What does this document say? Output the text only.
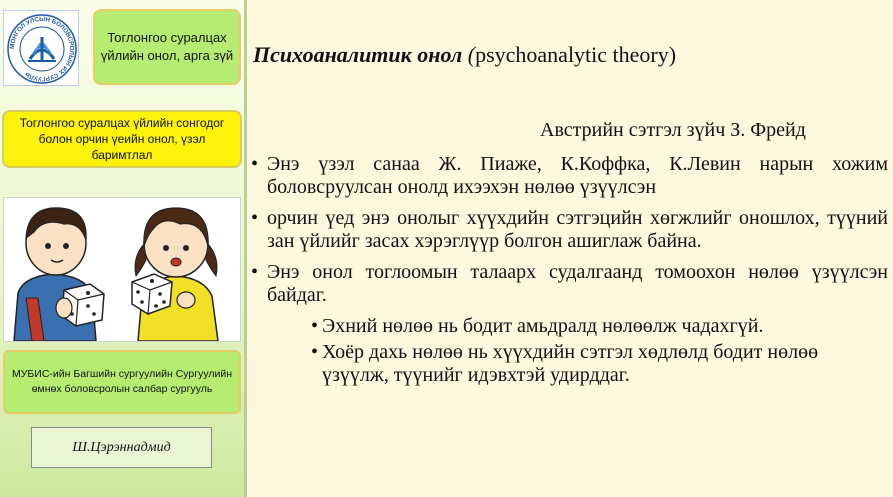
МОНГОЛ УЛСЫН БОЛОВСРОЛЫН ИХ СУРГУУЛЬ
Тоглонгоо суралцах үйлийн онол, арга зүй
Тоглонгоо суралцах үйлийн сонгодог болон орчин үеийн онол, үзэл баримтлал
МУБИС-ийн Багшийн сургуулийн Сургуулийн өмнөх боловсролын салбар сургууль
Ш.Цэрэннадмид
Психоаналитик онол (psychoanalytic theory)
Австрийн сэтгэл зүйч З. Фрейд
• Энэ үзэл санаа Ж. Пиаже, К.Коффка, К.Левин нарын хожим боловсруулсан онолд ихээхэн нөлөө үзүүлсэн
• орчин үед энэ онолыг хүүхдийн сэтгэцийн хөгжлийг оношлох, түүний зан үйлийг засах хэрэглүүр болгон ашиглаж байна.
• Энэ онол тоглоомын талаарх судалгаанд томоохон нөлөө үзүүлсэн байдаг.
• Эхний нөлөө нь бодит амьдралд нөлөөлж чадахгүй.
• Хоёр дахь нөлөө нь хүүхдийн сэтгэл хөдлөлд бодит нөлөө үзүүлж, түүнийг идэвхтэй удирддаг.
